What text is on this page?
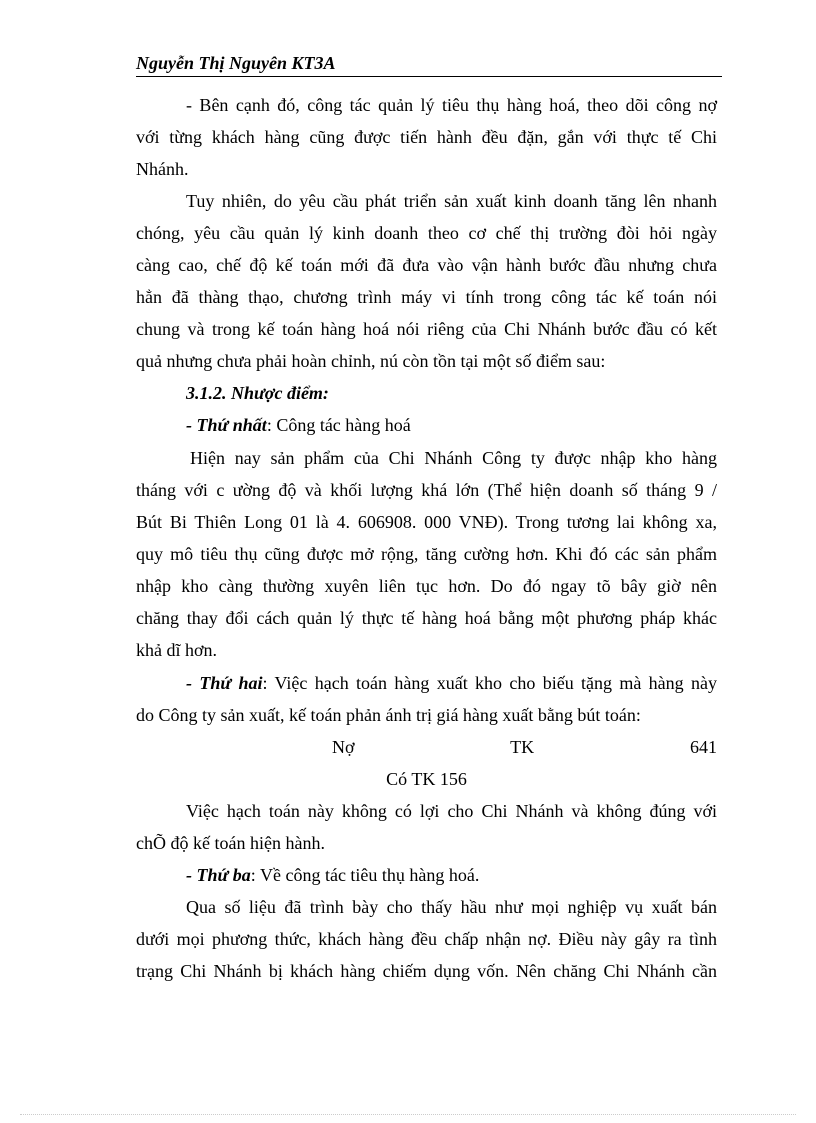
Nguyễn Thị Nguyên KT3A
- Bên cạnh đó, công tác quản lý tiêu thụ hàng hoá, theo dõi công nợ
với từng khách hàng cũng được tiến hành đều đặn, gắn với thực tế Chi
Nhánh.
Tuy nhiên, do yêu cầu phát triển sản xuất kinh doanh tăng lên nhanh
chóng, yêu cầu quản lý kinh doanh theo cơ chế thị trường đòi hỏi ngày
càng cao, chế độ kế toán mới đã đưa vào vận hành bước đầu nhưng chưa
hẳn đã thàng thạo, chương trình máy vi tính trong công tác kế toán nói
chung và trong kế toán hàng hoá nói riêng của Chi Nhánh bước đầu có kết
quả nhưng chưa phải hoàn chỉnh, nú còn tồn tại một số điểm sau:
3.1.2. Nhược điểm:
- Thứ nhất: Công tác hàng hoá
Hiện nay sản phẩm của Chi Nhánh Công ty được nhập kho hàng
tháng với c ường độ và khối lượng khá lớn (Thể hiện doanh số tháng 9 /
Bút Bi Thiên Long 01 là 4. 606908. 000 VNĐ). Trong tương lai không xa,
quy mô tiêu thụ cũng được mở rộng, tăng cường hơn. Khi đó các sản phẩm
nhập kho càng thường xuyên liên tục hơn. Do đó ngay tõ bây giờ nên
chăng thay đổi cách quản lý thực tế hàng hoá bằng một phương pháp khác
khả dĩ hơn.
- Thứ hai: Việc hạch toán hàng xuất kho cho biếu tặng mà hàng này
do Công ty sản xuất, kế toán phản ánh trị giá hàng xuất bằng bút toán:
Nợ TK 641
Có TK 156
Việc hạch toán này không có lợi cho Chi Nhánh và không đúng với
chÕ độ kế toán hiện hành.
- Thứ ba: Về công tác tiêu thụ hàng hoá.
Qua số liệu đã trình bày cho thấy hầu như mọi nghiệp vụ xuất bán
dưới mọi phương thức, khách hàng đều chấp nhận nợ. Điều này gây ra tình
trạng Chi Nhánh bị khách hàng chiếm dụng vốn. Nên chăng Chi Nhánh cần
